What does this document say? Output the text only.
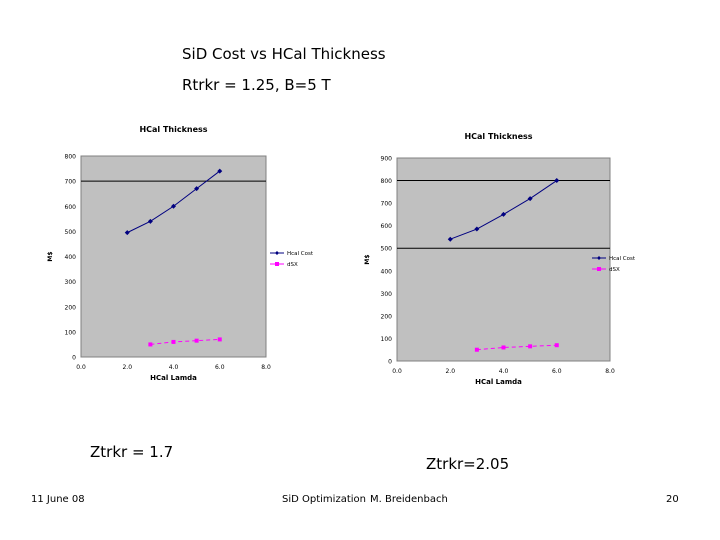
SiD Cost vs HCal Thickness
Rtrkr = 1.25, B=5 T
HCal Thickness
0
100
200
300
400
500
600
700
800
0.0	2.0	4.0	6.0	8.0
HCal Lamda
M$	Hcal Cost
dSX
HCal Thickness
0
100
200
300
400
500
600
700
800
900
0.0	2.0	4.0	6.0	8.0
HCal Lamda
M$	Hcal Cost
dSX
Ztrkr = 1.7
Ztrkr=2.05
11 June 08	SiD Optimization M. Breidenbach	20
